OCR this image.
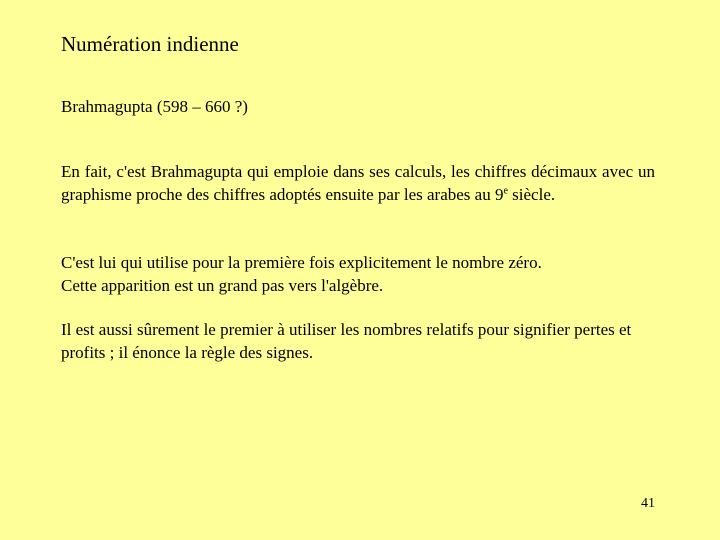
Numération indienne
Brahmagupta (598 – 660 ?)

En fait, c'est Brahmagupta qui emploie dans ses calculs, les chiffres décimaux avec un graphisme proche des chiffres adoptés ensuite par les arabes au 9e siècle.

C'est lui qui utilise pour la première fois explicitement le nombre zéro.
Cette apparition est un grand pas vers l'algèbre.

Il est aussi sûrement le premier à utiliser les nombres relatifs pour signifier pertes et profits ; il énonce la règle des signes.

41
